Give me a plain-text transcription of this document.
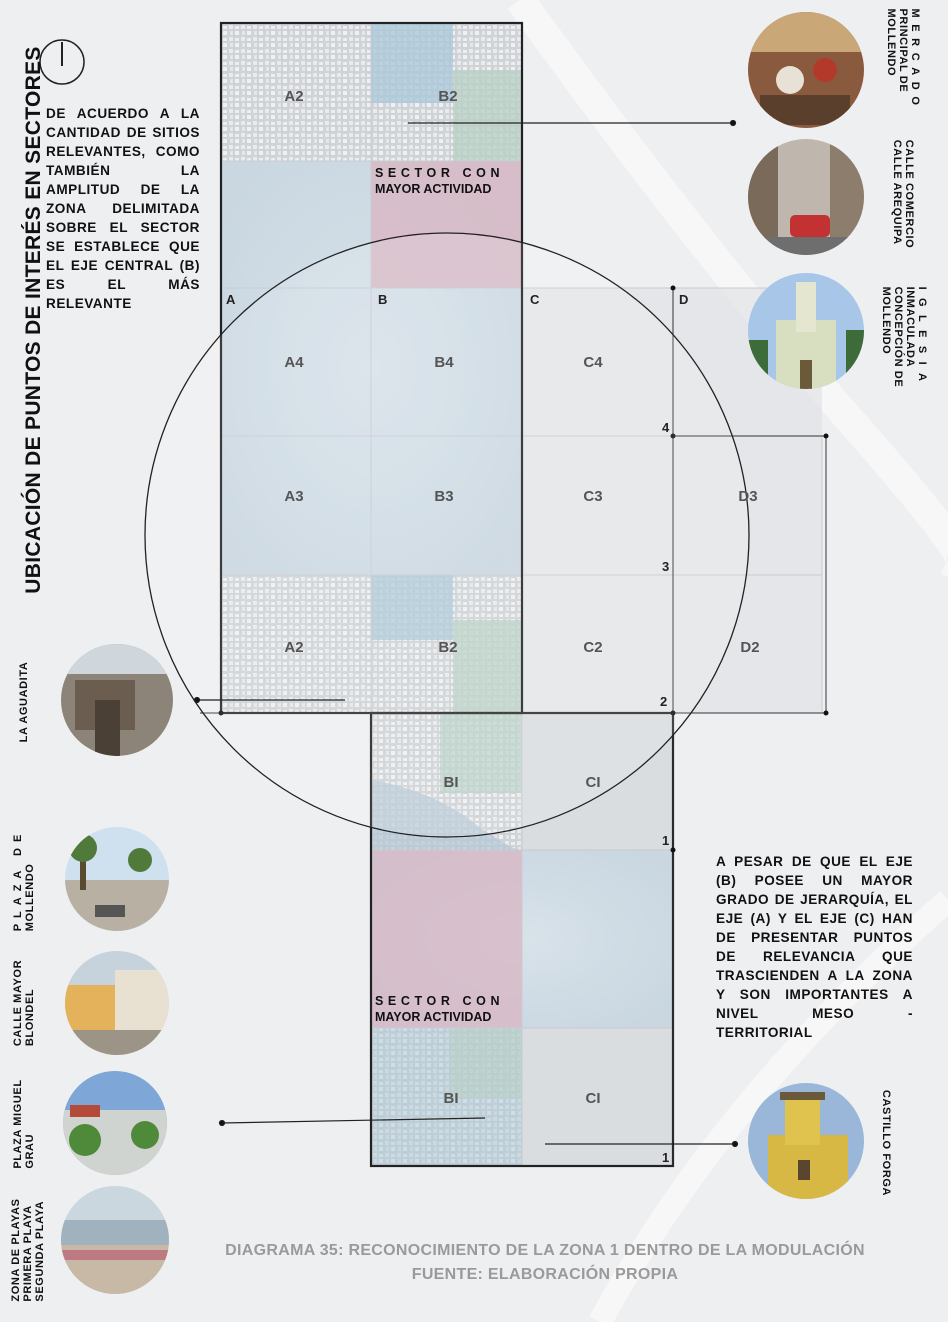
A2	B2
A4	B4	C4
A3	B3	C3	D3
A2	B2	C2	D2
BI	CI
BI	CI
A	B	C	D
4
3
2
1
1
SECTOR CON
MAYOR ACTIVIDAD
SECTOR CON
MAYOR ACTIVIDAD
UBICACIÓN DE PUNTOS DE INTERÉS EN SECTORES DE ACUERDO A LA CANTIDAD DE SITIOS RELEVANTES, COMO TAMBIÉN LA AMPLITUD DE LA ZONA DELIMITADA SOBRE EL SECTOR SE ESTABLECE QUE EL EJE CENTRAL (B) ES EL MÁS RELEVANTE
A PESAR DE QUE EL EJE (B) POSEE UN MAYOR GRADO DE JERARQUÍA, EL EJE (A) Y EL EJE (C) HAN DE PRESENTAR PUNTOS DE RELEVANCIA QUE TRASCIENDEN A LA ZONA Y SON IMPORTANTES A NIVEL MESO - TERRITORIAL
MERCADO
PRINCIPAL DE
MOLLENDO
CALLE COMERCIO
CALLE AREQUIPA
IGLESIA
INMACULADA
CONCEPCIÓN DE
MOLLENDO
CASTILLO FORGA
LA AGUADITA
PLAZA DE MOLLENDO
CALLE MAYOR BLONDEL
PLAZA MIGUEL GRAU
ZONA DE PLAYAS PRIMERA PLAYA SEGUNDA PLAYA	DIAGRAMA 35: RECONOCIMIENTO DE LA ZONA 1 DENTRO DE LA MODULACIÓN
FUENTE: ELABORACIÓN PROPIA
